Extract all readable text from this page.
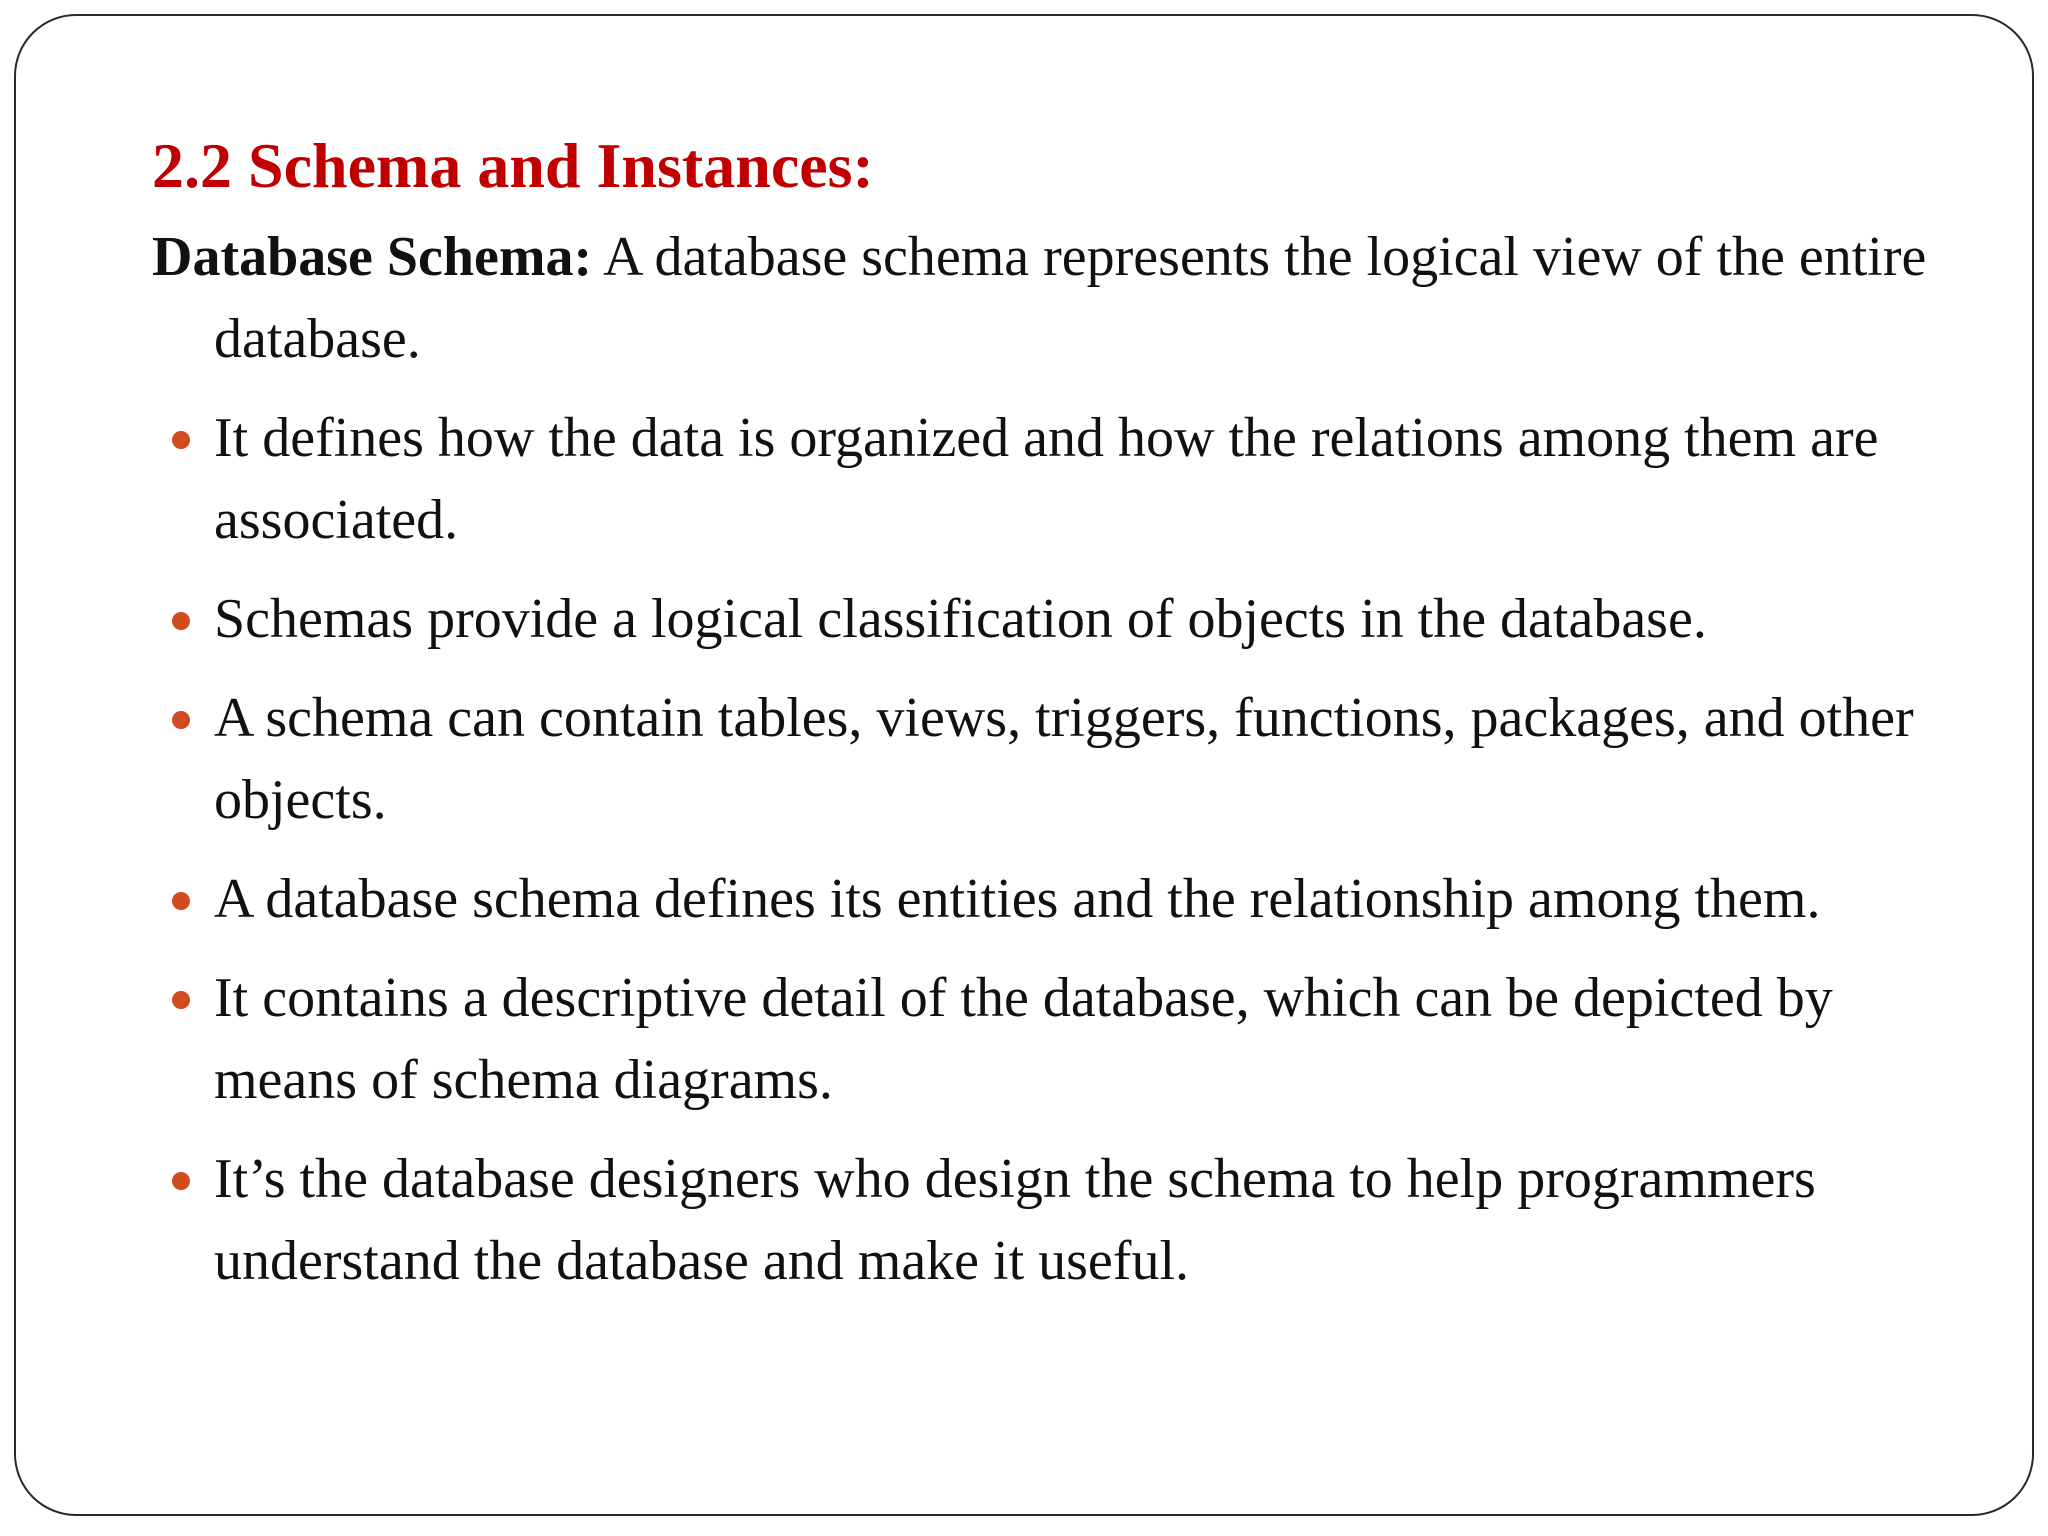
2.2 Schema and Instances:

Database Schema: A database schema represents the logical view of the entire database.

It defines how the data is organized and how the relations among them are associated.
Schemas provide a logical classification of objects in the database.
A schema can contain tables, views, triggers, functions, packages, and other objects.
A database schema defines its entities and the relationship among them.
It contains a descriptive detail of the database, which can be depicted by means of schema diagrams.
It’s the database designers who design the schema to help programmers understand the database and make it useful.
